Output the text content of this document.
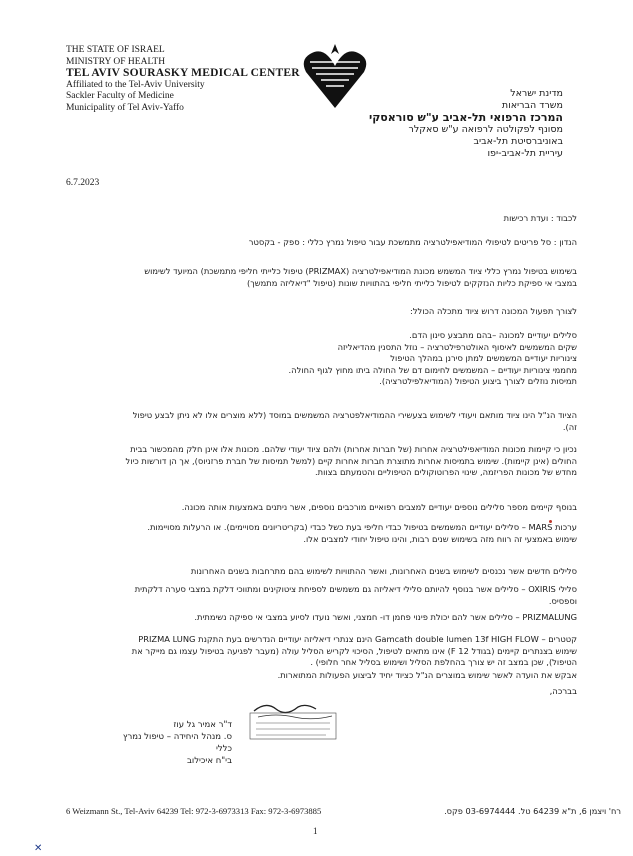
THE STATE OF ISRAEL
MINISTRY OF HEALTH
TEL AVIV SOURASKY MEDICAL CENTER
Affiliated to the Tel-Aviv University
Sackler Faculty of Medicine
Municipality of Tel Aviv-Yaffo
מדינת ישראל
משרד הבריאות
המרכז הרפואי תל-אביב ע"ש סוראסקי
מסונף לפקולטה לרפואה ע"ש סאקלר
באוניברסיטת תל-אביב
עיריית תל-אביב-יפו
6.7.2023
לכבוד : ועדת רכישות
הנדון : סל פריטים לטיפולי המודיאפילטרציה מתמשכת עבור טיפול נמרץ כללי : ספק - בקסטר

בשימוש בטיפול נמרץ כללי ציוד המשמש מכונת המודיאפילטרציה (PRIZMAX) טיפול כלייתי חליפי מתמשכת) המיועד לשימוש

במצבי אי ספיקת כליות הנזקקים לטיפול כלייתי חליפי בהתוויות שונות (טיפול "דיאליזה מתמשך)

לצורך תפעול המכונה דרוש ציוד מתכלה הכולל:

סלילים יעודיים למכונה –בהם מתבצע סינון הדם.

שקים המשמשים לאיסוף האולטרפילטרציה – נוזל התסנין מהדיאליזה

צינוריות יעודיים המשמשים למתן סירנן במהלך הטיפול

מחממי צינוריות יעודיים – המשמשים לחימום דם של החולה ביתו מחוץ לגוף החולה.

תמיסות נוזלים לצורך ביצוע הטיפול (המודיאלפילטרציה).

הציוד הנ"ל הינו ציוד מותאם ויעודי לשימוש בצעשירי ההמודיאלפטרציה המשמשים במוסד (ללא מוצרים אלו לא ניתן לבצע טיפול

זה).

נכיון כי קיימות מכונות המודיאפילטרציה אחרות (של חברות אחרות) ולהם ציוד יעודי שלהם. מכונות אלו אינן חלק מהמכשור בבית

החולים (אינן קיימות). שימוש בתמיסות אחרות מתוצרת חברות אחרות קיים (למשל תמיסות של חברת פרזניוס), אך הן דורשות כיול

מחדש של מכונות הפריזמה, שינוי הפרוטוקולים הטיפוליים והטמעתם בצוות.

בנוסף קיימים מספר סלילים נוספים יעודיים למצבים רפואיים מורכבים נוספים, אשר ניתנים באמצעות אותה מכונה.

ערכות MARS – סלילים יעודיים המשמשים בטיפול כבדי חליפי בעת כשל כבדי (בקריטריונים מסויימים). או הרעלות מסויימות.

שימוש באמצעי זה רווח מזה בשימוש שנים רבות, והינו טיפול יחודי למצבים אלו.

סלילים חדשים אשר נכנסים לשימוש בשנים האחרונות, ואשר ההתוויות לשימוש בהם מתרחבות בשנים האחרונות

סלילי OXIRIS – סלילים אשר בנוסף להיותם סלילי דיאליזה גם משמשים לספיחת ציטוקינים ומתווכי דלקת במצבי סערה דלקתית

וספסיס.

PRIZMALUNG – סלילים אשר להם יכולת פינוי פחמן דו- חמצני, ואשר נועדו לסיוע במצבי אי ספיקה נשימתית.

קטטרים – Gamcath double lumen 13f HIGH FLOW הינם צנתרי דיאליזה יעודיים הנדרשים בעת התקנת PRIZMA LUNG

שימוש בצנתרים קיימים (בגודל F 12) אינו מתאים לטיפול, הסיכוי לקריש הסליל עולה (מעבר לפגיעה בטיפול עצמו גם מייקר את

הטיפול), שכן במצב זה יש צורך בהחלפת הסליל ושימוש בסליל אחר חלופי) .

אבקש את הועדה לאשר שימוש במוצרים הנ"ל כציוד יחיד לביצוע הפעולות המתוארות.
בברכה,
ד"ר אמיר גל עוז
ס. מנהל היחידה – טיפול נמרץ כללי
בי"ח איכילוב
6 Weizmann St., Tel-Aviv 64239 Tel: 972-3-6973313 Fax: 972-3-6973885	רח' ויצמן 6, ת"א 64239 טל. 03-6974444 פקס.
1
✕
